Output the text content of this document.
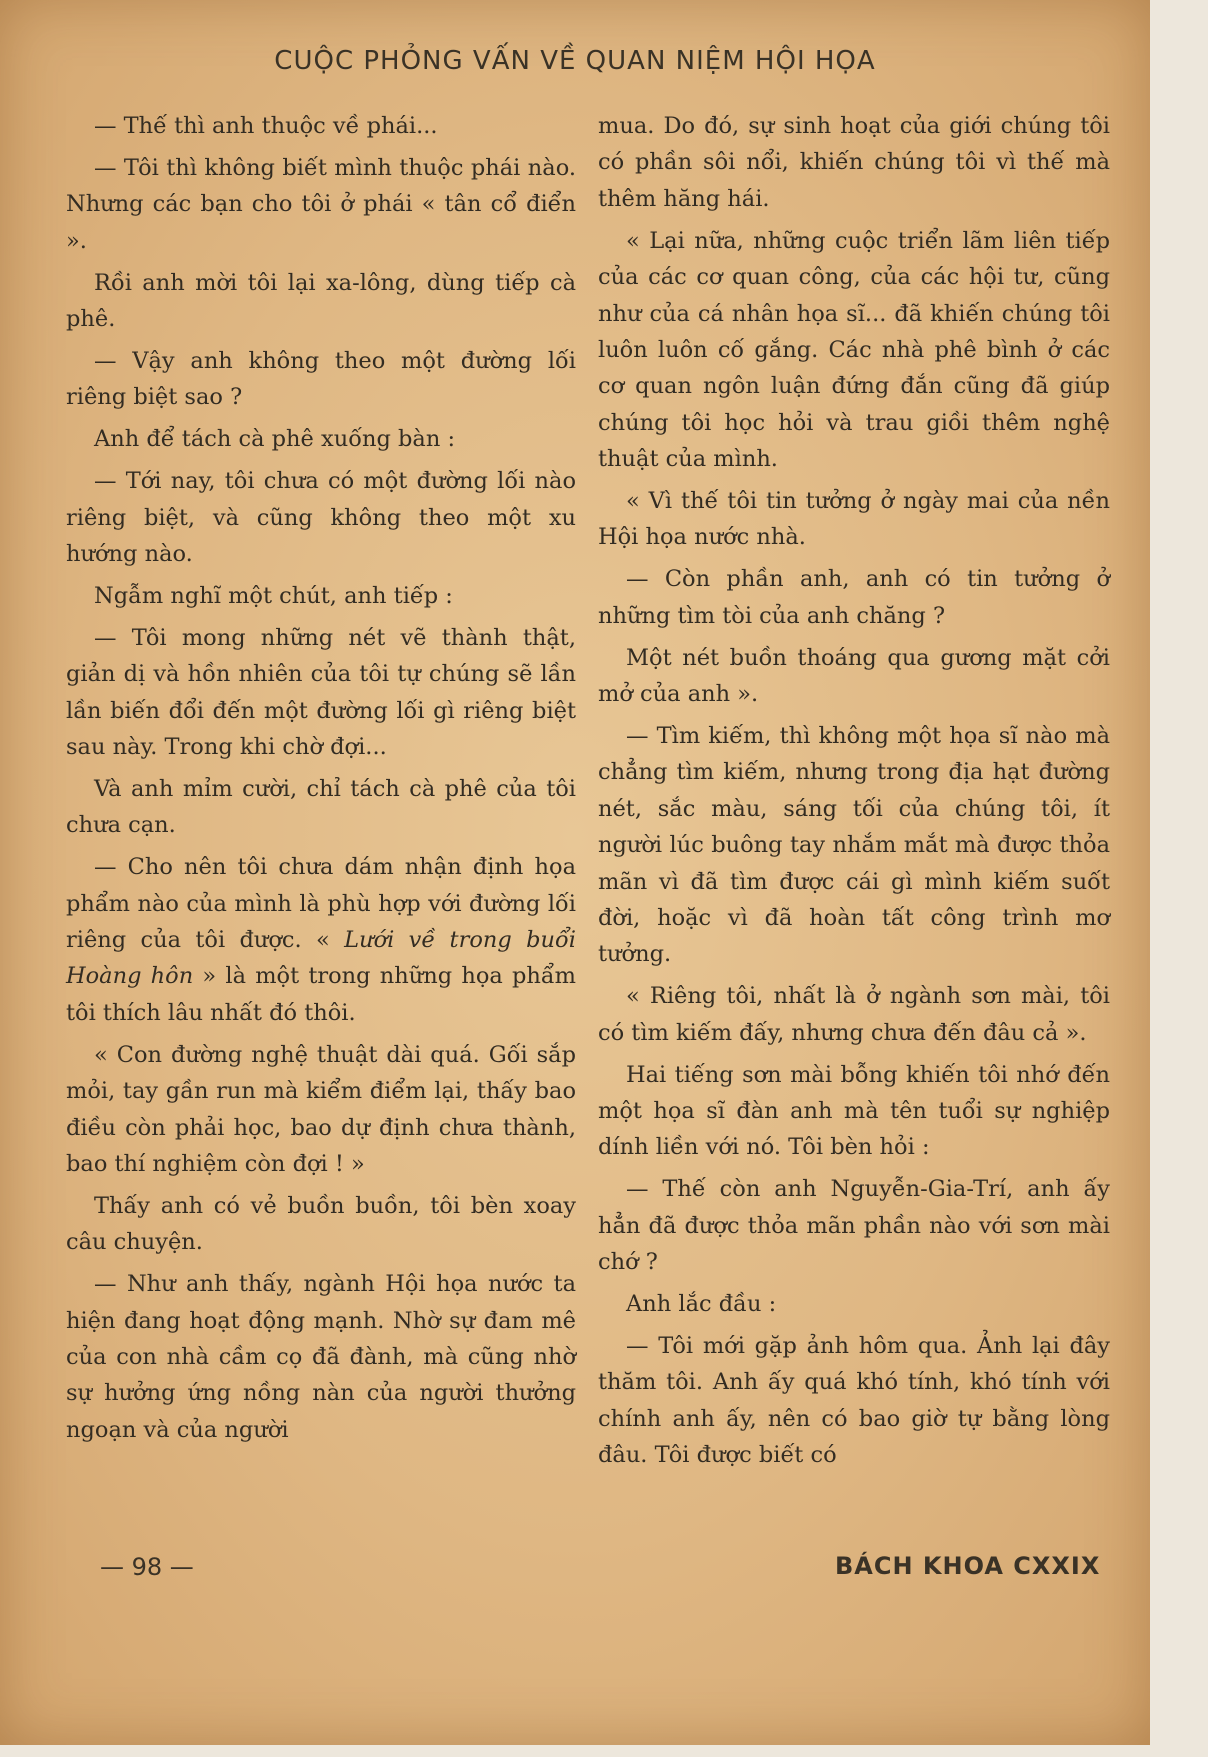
CUỘC PHỎNG VẤN VỀ QUAN NIỆM HỘI HỌA

— Thế thì anh thuộc về phái...

— Tôi thì không biết mình thuộc phái nào. Nhưng các bạn cho tôi ở phái « tân cổ điển ».

Rồi anh mời tôi lại xa-lông, dùng tiếp cà phê.

— Vậy anh không theo một đường lối riêng biệt sao ?

Anh để tách cà phê xuống bàn :

— Tới nay, tôi chưa có một đường lối nào riêng biệt, và cũng không theo một xu hướng nào.

Ngẫm nghĩ một chút, anh tiếp :

— Tôi mong những nét vẽ thành thật, giản dị và hồn nhiên của tôi tự chúng sẽ lần lần biến đổi đến một đường lối gì riêng biệt sau này. Trong khi chờ đợi...

Và anh mỉm cười, chỉ tách cà phê của tôi chưa cạn.

— Cho nên tôi chưa dám nhận định họa phẩm nào của mình là phù hợp với đường lối riêng của tôi được. « Lưới về trong buổi Hoàng hôn » là một trong những họa phẩm tôi thích lâu nhất đó thôi.

« Con đường nghệ thuật dài quá. Gối sắp mỏi, tay gần run mà kiểm điểm lại, thấy bao điều còn phải học, bao dự định chưa thành, bao thí nghiệm còn đợi ! »

Thấy anh có vẻ buồn buồn, tôi bèn xoay câu chuyện.

— Như anh thấy, ngành Hội họa nước ta hiện đang hoạt động mạnh. Nhờ sự đam mê của con nhà cầm cọ đã đành, mà cũng nhờ sự hưởng ứng nồng nàn của người thưởng ngoạn và của người

mua. Do đó, sự sinh hoạt của giới chúng tôi có phần sôi nổi, khiến chúng tôi vì thế mà thêm hăng hái.

« Lại nữa, những cuộc triển lãm liên tiếp của các cơ quan công, của các hội tư, cũng như của cá nhân họa sĩ... đã khiến chúng tôi luôn luôn cố gắng. Các nhà phê bình ở các cơ quan ngôn luận đứng đắn cũng đã giúp chúng tôi học hỏi và trau giồi thêm nghệ thuật của mình.

« Vì thế tôi tin tưởng ở ngày mai của nền Hội họa nước nhà.

— Còn phần anh, anh có tin tưởng ở những tìm tòi của anh chăng ?

Một nét buồn thoáng qua gương mặt cởi mở của anh ».

— Tìm kiếm, thì không một họa sĩ nào mà chẳng tìm kiếm, nhưng trong địa hạt đường nét, sắc màu, sáng tối của chúng tôi, ít người lúc buông tay nhắm mắt mà được thỏa mãn vì đã tìm được cái gì mình kiếm suốt đời, hoặc vì đã hoàn tất công trình mơ tưởng.

« Riêng tôi, nhất là ở ngành sơn mài, tôi có tìm kiếm đấy, nhưng chưa đến đâu cả ».

Hai tiếng sơn mài bỗng khiến tôi nhớ đến một họa sĩ đàn anh mà tên tuổi sự nghiệp dính liền với nó. Tôi bèn hỏi :

— Thế còn anh Nguyễn-Gia-Trí, anh ấy hẳn đã được thỏa mãn phần nào với sơn mài chớ ?

Anh lắc đầu :

— Tôi mới gặp ảnh hôm qua. Ảnh lại đây thăm tôi. Anh ấy quá khó tính, khó tính với chính anh ấy, nên có bao giờ tự bằng lòng đâu. Tôi được biết có

— 98 —	BÁCH KHOA CXXIX
